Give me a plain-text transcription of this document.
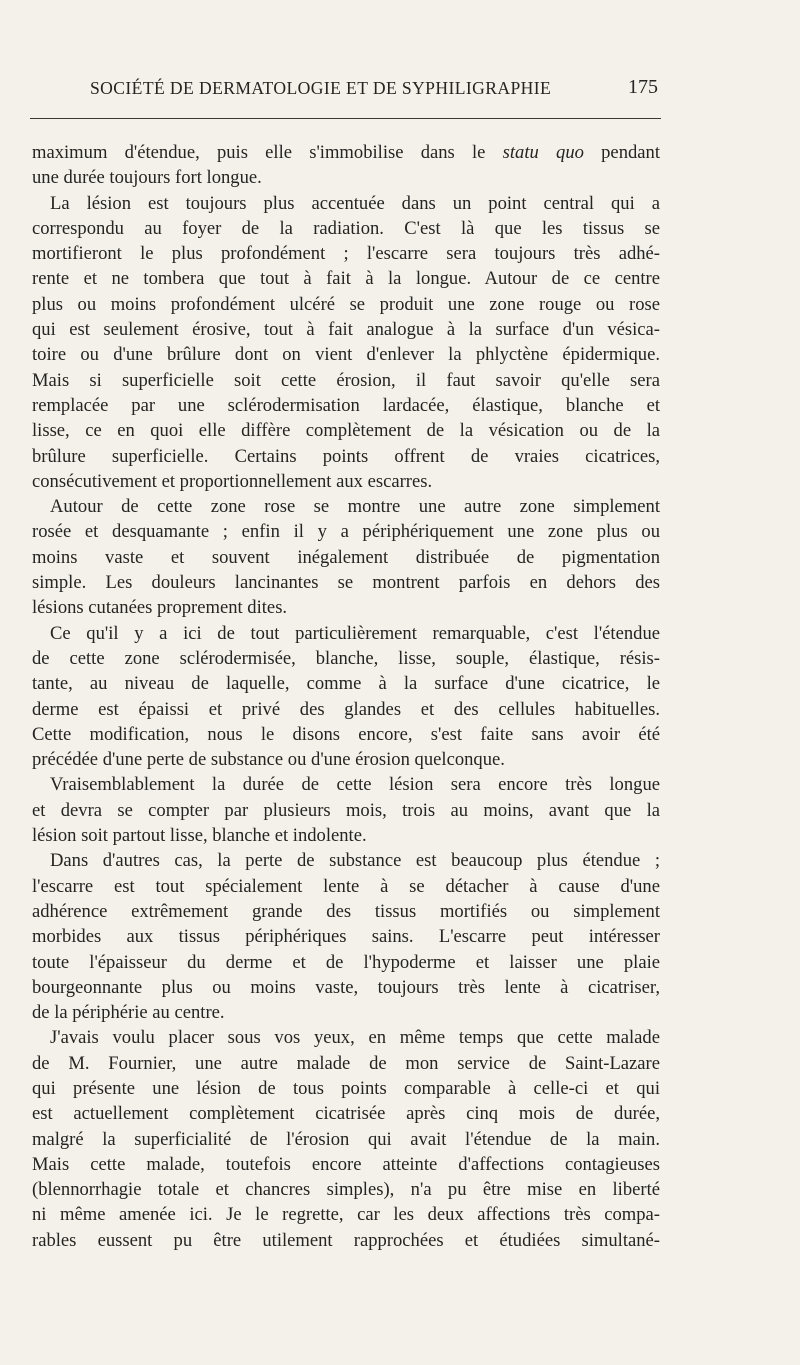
SOCIÉTÉ DE DERMATOLOGIE ET DE SYPHILIGRAPHIE	175
maximum d'étendue, puis elle s'immobilise dans le statu quo pendant
une durée toujours fort longue.
La lésion est toujours plus accentuée dans un point central qui a
correspondu au foyer de la radiation. C'est là que les tissus se
mortifieront le plus profondément ; l'escarre sera toujours très adhé-
rente et ne tombera que tout à fait à la longue. Autour de ce centre
plus ou moins profondément ulcéré se produit une zone rouge ou rose
qui est seulement érosive, tout à fait analogue à la surface d'un vésica-
toire ou d'une brûlure dont on vient d'enlever la phlyctène épidermique.
Mais si superficielle soit cette érosion, il faut savoir qu'elle sera
remplacée par une sclérodermisation lardacée, élastique, blanche et
lisse, ce en quoi elle diffère complètement de la vésication ou de la
brûlure superficielle. Certains points offrent de vraies cicatrices,
consécutivement et proportionnellement aux escarres.
Autour de cette zone rose se montre une autre zone simplement
rosée et desquamante ; enfin il y a périphériquement une zone plus ou
moins vaste et souvent inégalement distribuée de pigmentation
simple. Les douleurs lancinantes se montrent parfois en dehors des
lésions cutanées proprement dites.
Ce qu'il y a ici de tout particulièrement remarquable, c'est l'étendue
de cette zone sclérodermisée, blanche, lisse, souple, élastique, résis-
tante, au niveau de laquelle, comme à la surface d'une cicatrice, le
derme est épaissi et privé des glandes et des cellules habituelles.
Cette modification, nous le disons encore, s'est faite sans avoir été
précédée d'une perte de substance ou d'une érosion quelconque.
Vraisemblablement la durée de cette lésion sera encore très longue
et devra se compter par plusieurs mois, trois au moins, avant que la
lésion soit partout lisse, blanche et indolente.
Dans d'autres cas, la perte de substance est beaucoup plus étendue ;
l'escarre est tout spécialement lente à se détacher à cause d'une
adhérence extrêmement grande des tissus mortifiés ou simplement
morbides aux tissus périphériques sains. L'escarre peut intéresser
toute l'épaisseur du derme et de l'hypoderme et laisser une plaie
bourgeonnante plus ou moins vaste, toujours très lente à cicatriser,
de la périphérie au centre.
J'avais voulu placer sous vos yeux, en même temps que cette malade
de M. Fournier, une autre malade de mon service de Saint-Lazare
qui présente une lésion de tous points comparable à celle-ci et qui
est actuellement complètement cicatrisée après cinq mois de durée,
malgré la superficialité de l'érosion qui avait l'étendue de la main.
Mais cette malade, toutefois encore atteinte d'affections contagieuses
(blennorrhagie totale et chancres simples), n'a pu être mise en liberté
ni même amenée ici. Je le regrette, car les deux affections très compa-
rables eussent pu être utilement rapprochées et étudiées simultané-
